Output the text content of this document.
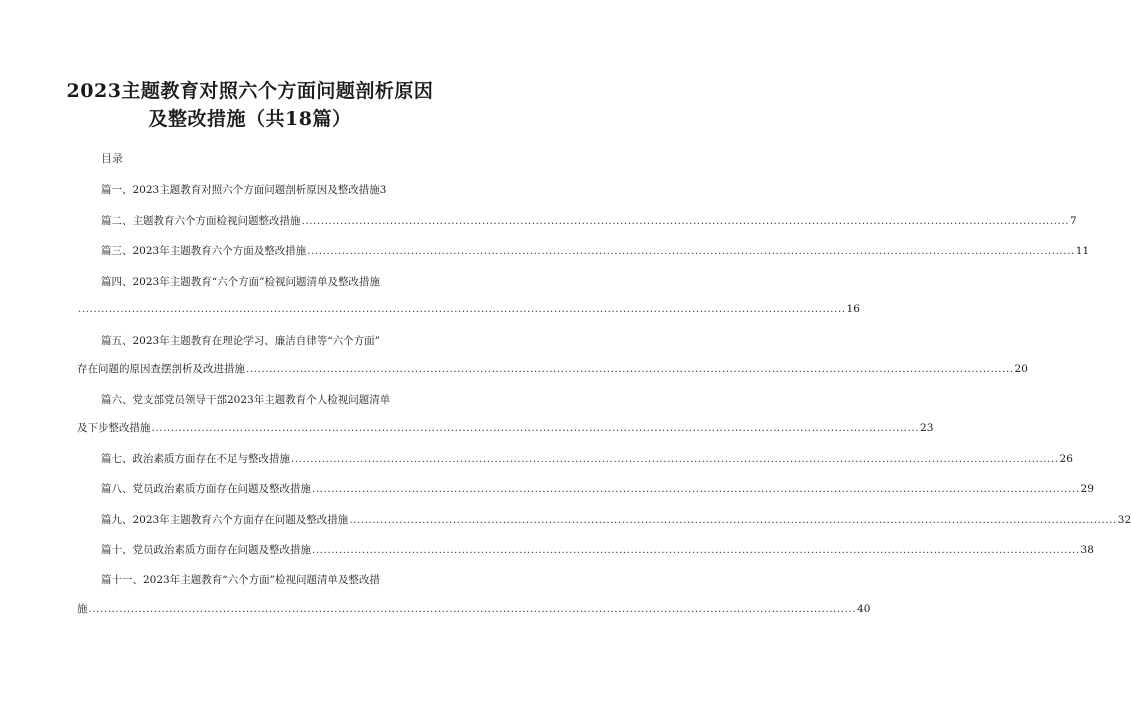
2023主题教育对照六个方面问题剖析原因
及整改措施（共18篇）
目录
篇一、2023主题教育对照六个方面问题剖析原因及整改措施 3
篇二、主题教育六个方面检视问题整改措施 ........................................................................................................................................................................................................ 7
篇三、2023年主题教育六个方面及整改措施 ........................................................................................................................................................................................................ 11
篇四、2023年主题教育“六个方面”检视问题清单及整改措施
........................................................................................................................................................................................................ 16
篇五、2023年主题教育在理论学习、廉洁自律等“六个方面”
存在问题的原因查摆剖析及改进措施 ........................................................................................................................................................................................................ 20
篇六、党支部党员领导干部2023年主题教育个人检视问题清单
及下步整改措施 ........................................................................................................................................................................................................ 23
篇七、政治素质方面存在不足与整改措施 ........................................................................................................................................................................................................ 26
篇八、党员政治素质方面存在问题及整改措施 ........................................................................................................................................................................................................ 29
篇九、2023年主题教育六个方面存在问题及整改措施 ........................................................................................................................................................................................................ 32
篇十、党员政治素质方面存在问题及整改措施 ........................................................................................................................................................................................................ 38
篇十一、2023年主题教育“六个方面”检视问题清单及整改措
施 ........................................................................................................................................................................................................ 40
